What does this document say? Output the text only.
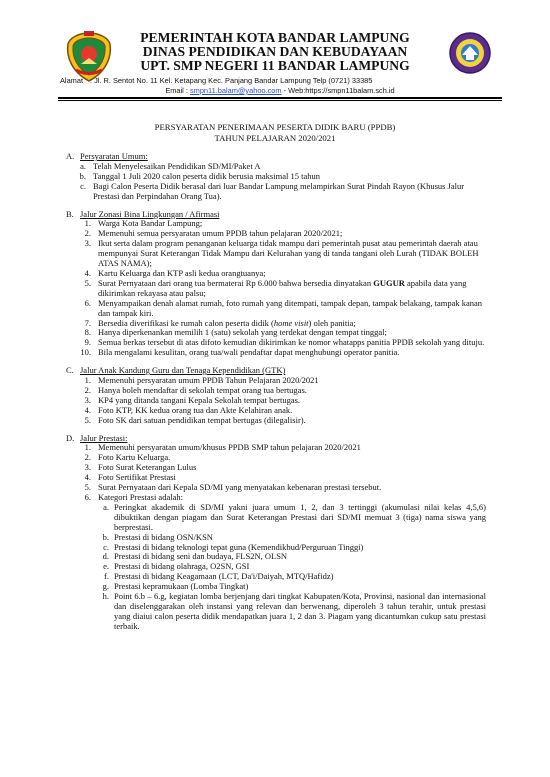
PEMERINTAH KOTA BANDAR LAMPUNG
DINAS PENDIDIKAN DAN KEBUDAYAAN
UPT. SMP NEGERI 11 BANDAR LAMPUNG
Alamat : Jl. R. Sentot No. 11 Kel. Ketapang Kec. Panjang Bandar Lampung Telp (0721) 33385
Email : smpn11.balam@yahoo.com - Web:https://smpn11balam.sch.id
PERSYARATAN PENERIMAAN PESERTA DIDIK BARU (PPDB)
TAHUN PELAJARAN 2020/2021
A. Persyaratan Umum:
a. Telah Menyelesaikan Pendidikan SD/MI/Paket A
b. Tanggal 1 Juli 2020 calon peserta didik berusia maksimal 15 tahun
c. Bagi Calon Peserta Didik berasal dari luar Bandar Lampung melampirkan Surat Pindah Rayon (Khusus Jalur Prestasi dan Perpindahan Orang Tua).
B. Jalur Zonasi Bina Lingkungan / Afirmasi
1. Warga Kota Bandar Lampung;
2. Memenuhi semua persyaratan umum PPDB tahun pelajaran 2020/2021;
3. Ikut serta dalam program penanganan keluarga tidak mampu dari pemerintah pusat atau pemerintah daerah atau mempunyai Surat Keterangan Tidak Mampu dari Kelurahan yang di tanda tangani oleh Lurah (TIDAK BOLEH ATAS NAMA);
4. Kartu Keluarga dan KTP asli kedua orangtuanya;
5. Surat Pernyataan dari orang tua bermaterai Rp 6.000 bahwa bersedia dinyatakan GUGUR apabila data yang dikirimkan rekayasa atau palsu;
6. Menyampaikan denah alamat rumah, foto rumah yang ditempati, tampak depan, tampak belakang, tampak kanan dan tampak kiri.
7. Bersedia diverifikasi ke rumah calon peserta didik (home visit) oleh panitia;
8. Hanya diperkenankan memilih 1 (satu) sekolah yang terdekat dengan tempat tinggal;
9. Semua berkas tersebut di atas difoto kemudian dikirimkan ke nomor whatapps panitia PPDB sekolah yang dituju.
10. Bila mengalami kesulitan, orang tua/wali pendaftar dapat menghubungi operator panitia.
C. Jalur Anak Kandung Guru dan Tenaga Kependidikan (GTK)
1. Memenuhi persyaratan umum PPDB Tahun Pelajaran 2020/2021
2. Hanya boleh mendaftar di sekolah tempat orang tua bertugas.
3. KP4 yang ditanda tangani Kepala Sekolah tempat bertugas.
4. Foto KTP, KK kedua orang tua dan Akte Kelahiran anak.
5. Foto SK dari satuan pendidikan tempat bertugas (dilegalisir).
D. Jalur Prestasi:
1. Memenuhi persyaratan umum/khusus PPDB SMP tahun pelajaran 2020/2021
2. Foto Kartu Keluarga.
3. Foto Surat Keterangan Lulus
4. Foto Sertifikat Prestasi
5. Surat Pernyataan dari Kepala SD/MI yang menyatakan kebenaran prestasi tersebut.
6. Kategori Prestasi adalah:
a. Peringkat akademik di SD/MI yakni juara umum 1, 2, dan 3 tertinggi (akumulasi nilai kelas 4,5,6) dibuktikan dengan piagam dan Surat Keterangan Prestasi dari SD/MI memuat 3 (tiga) nama siswa yang berprestasi.
b. Prestasi di bidang OSN/KSN
c. Prestasi di bidang teknologi tepat guna (Kemendikbud/Perguruan Tinggi)
d. Prestasi di bidang seni dan budaya, FLS2N, OLSN
e. Prestasi di bidang olahraga, O2SN, GSI
f. Prestasi di bidang Keagamaan (LCT, Da'i/Daiyah, MTQ/Hafidz)
g. Prestasi kepramukaan (Lomba Tingkat)
h. Point 6.b – 6.g, kegiatan lomba berjenjang dari tingkat Kabupaten/Kota, Provinsi, nasional dan internasional dan diselenggarakan oleh instansi yang relevan dan berwenang, diperoleh 3 tahun terahir, untuk prestasi yang diaiui calon peserta didik mendapatkan juara 1, 2 dan 3. Piagam yang dicantumkan cukup satu prestasi terbaik.
